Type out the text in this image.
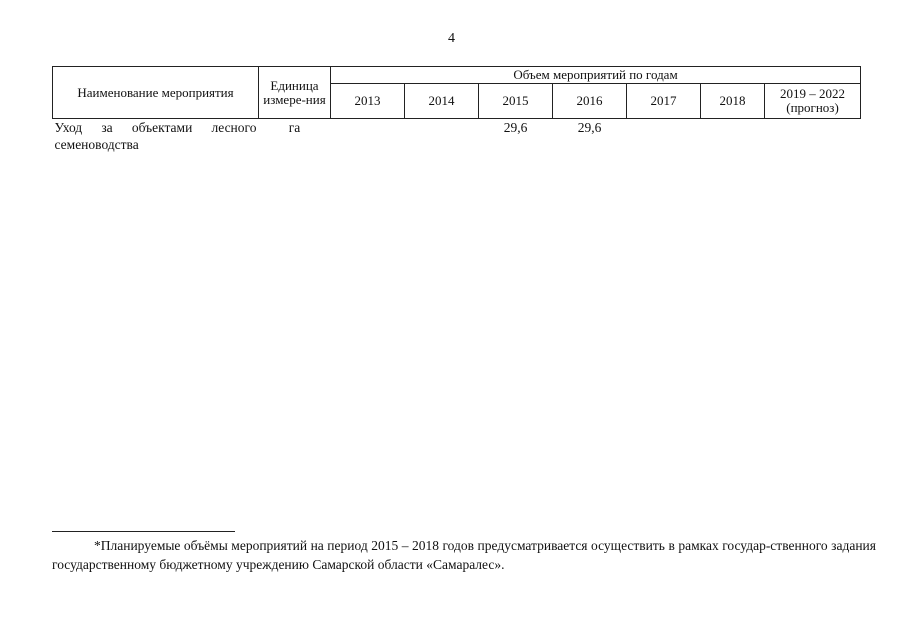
4
Наименование мероприятия	Единица измере-ния	Объем мероприятий по годам						
		2013	2014	2015	2016	2017	2018	2019 – 2022 (прогноз)
Уход за объектами лесного семеноводства	га			29,6	29,6			
*Планируемые объёмы мероприятий на период 2015 – 2018 годов предусматривается осуществить в рамках государ-ственного задания государственному бюджетному учреждению Самарской области «Самаралес».
